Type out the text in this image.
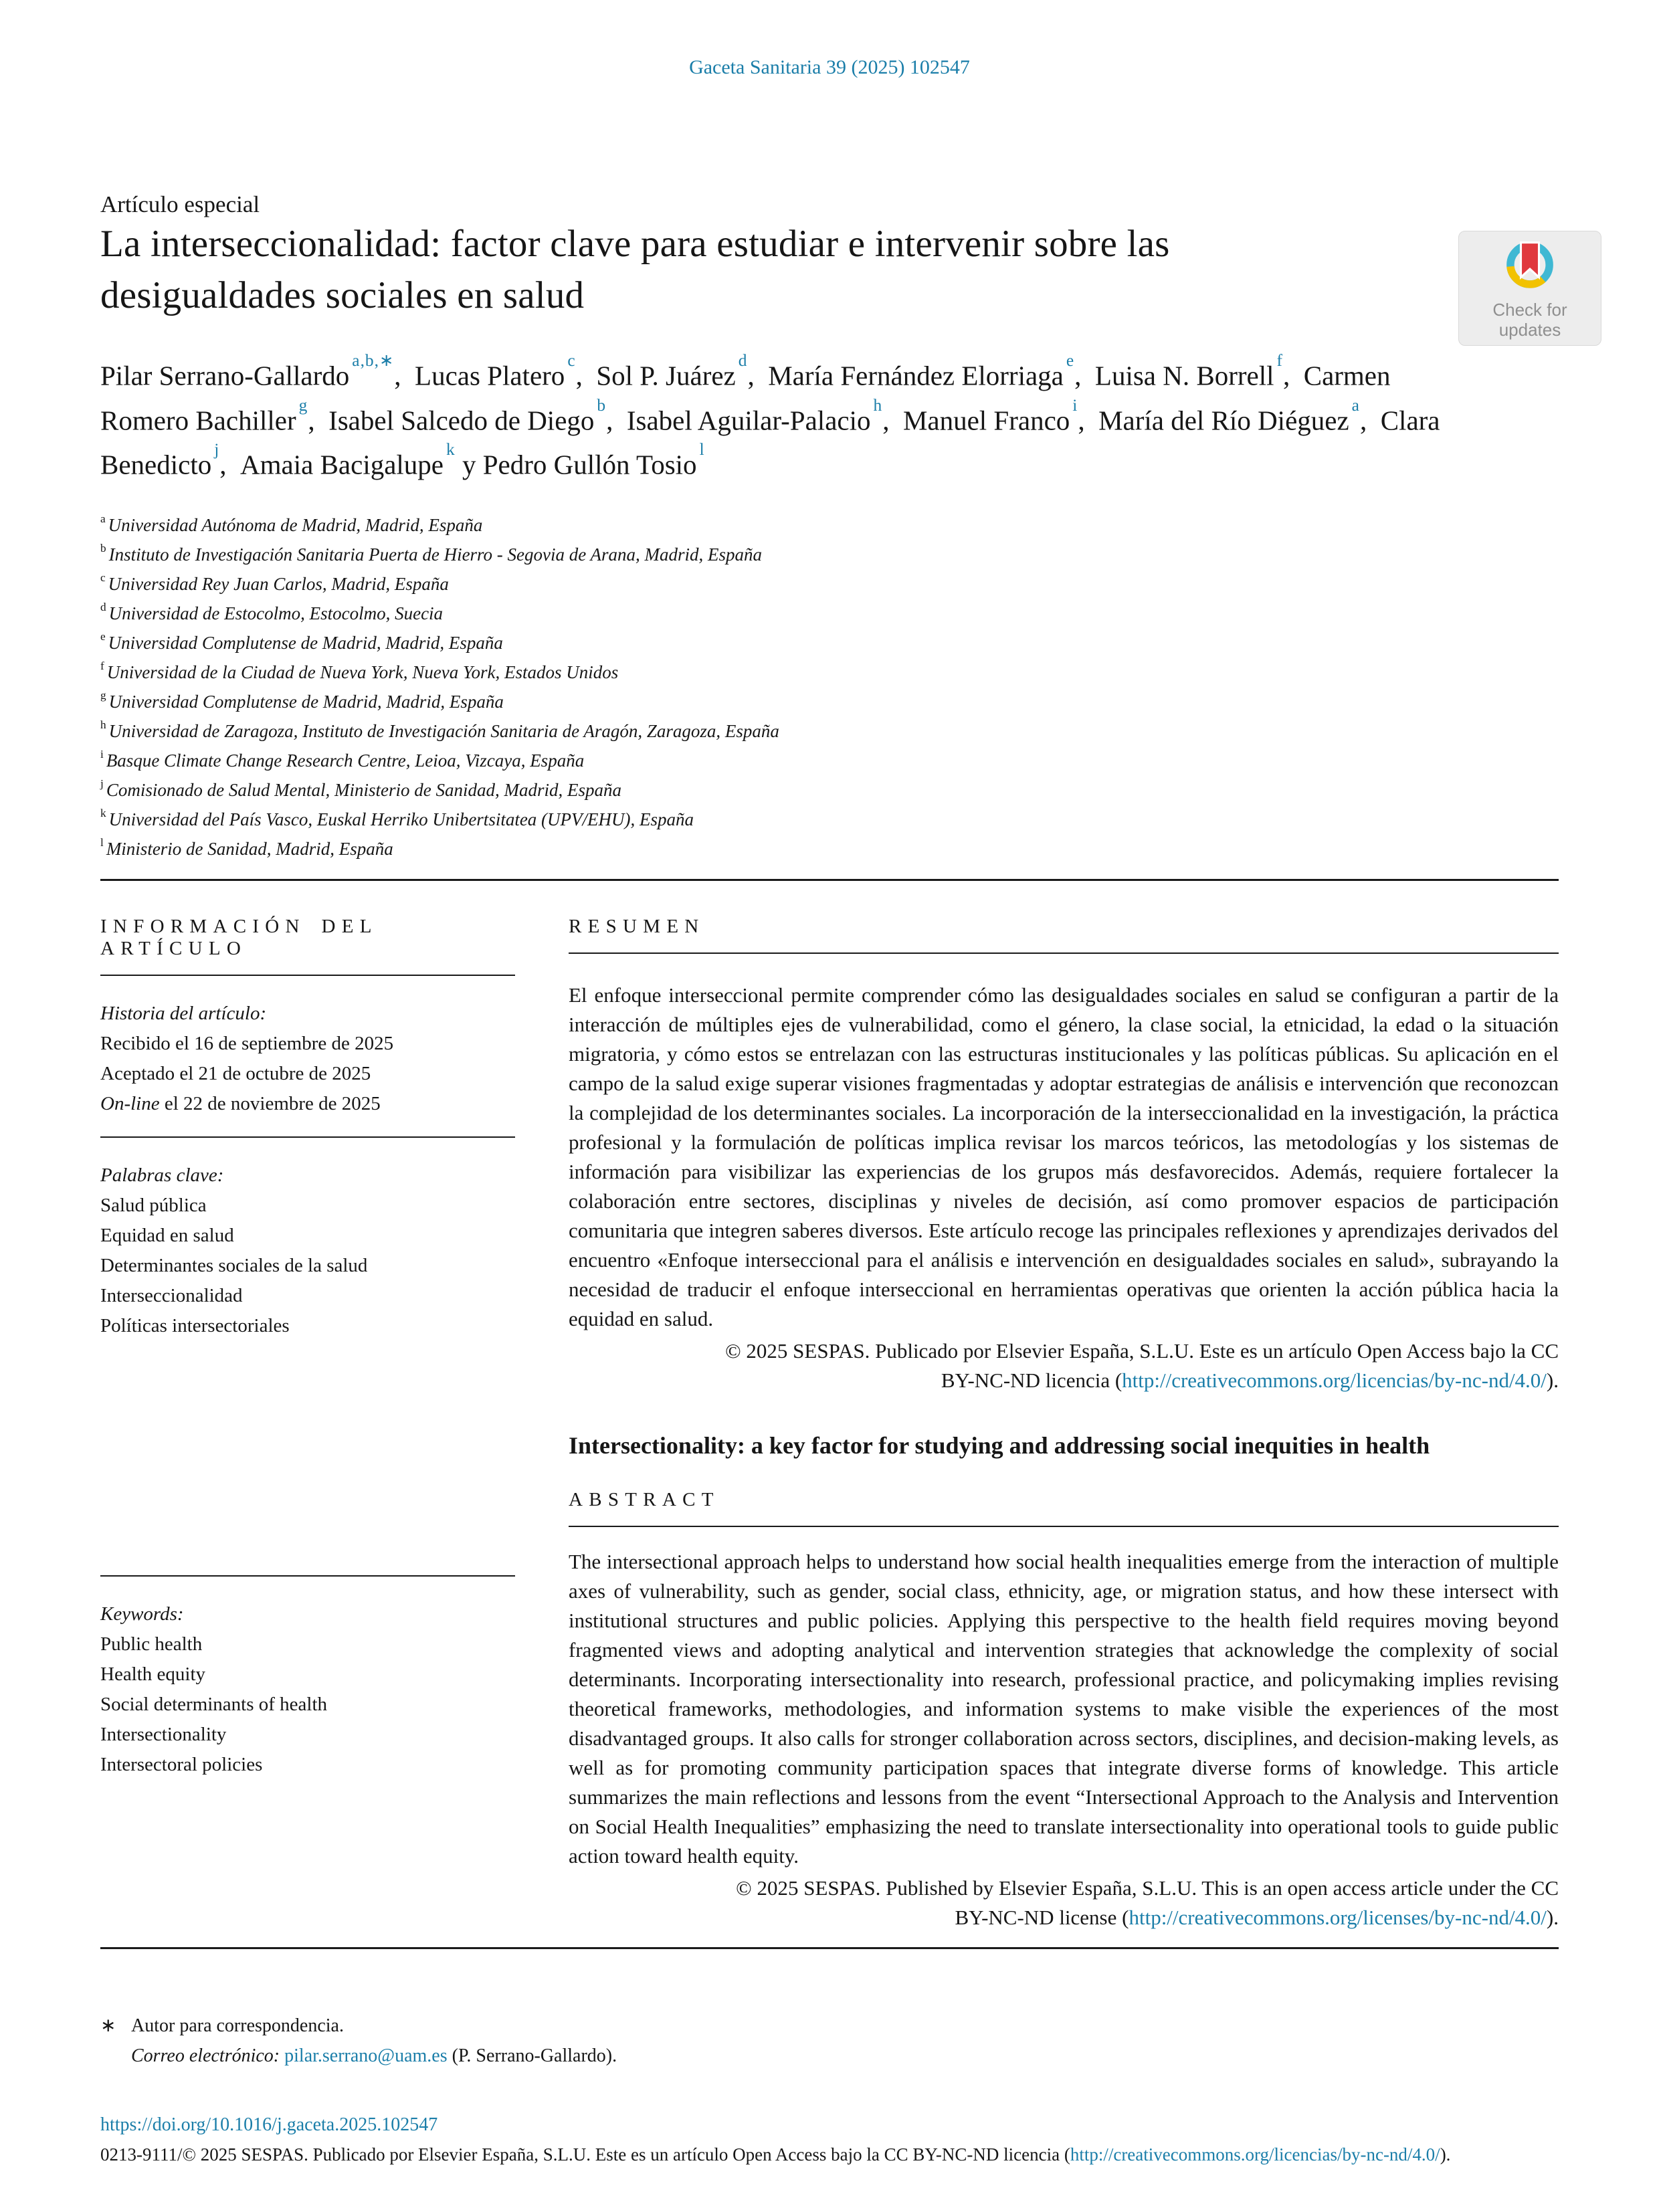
Gaceta Sanitaria 39 (2025) 102547
Check for
updates
Artículo especial
La interseccionalidad: factor clave para estudiar e intervenir sobre las desigualdades sociales en salud
Pilar Serrano-Gallardo $^{a,b,∗}$, Lucas Platero $^c$, Sol P. Juárez $^d$, María Fernández Elorriaga $^e$, Luisa N. Borrell $^f$, Carmen Romero Bachiller $^g$, Isabel Salcedo de Diego $^b$, Isabel Aguilar-Palacio $^h$, Manuel Franco $^i$, María del Río Diéguez $^a$, Clara Benedicto $^j$, Amaia Bacigalupe $^k$ y Pedro Gullón Tosio $^l$
$^a$ Universidad Autónoma de Madrid, Madrid, España
$^b$ Instituto de Investigación Sanitaria Puerta de Hierro - Segovia de Arana, Madrid, España
$^c$ Universidad Rey Juan Carlos, Madrid, España
$^d$ Universidad de Estocolmo, Estocolmo, Suecia
$^e$ Universidad Complutense de Madrid, Madrid, España
$^f$ Universidad de la Ciudad de Nueva York, Nueva York, Estados Unidos
$^g$ Universidad Complutense de Madrid, Madrid, España
$^h$ Universidad de Zaragoza, Instituto de Investigación Sanitaria de Aragón, Zaragoza, España
$^i$ Basque Climate Change Research Centre, Leioa, Vizcaya, España
$^j$ Comisionado de Salud Mental, Ministerio de Sanidad, Madrid, España
$^k$ Universidad del País Vasco, Euskal Herriko Unibertsitatea (UPV/EHU), España
$^l$ Ministerio de Sanidad, Madrid, España
INFORMACIÓN DEL ARTÍCULO
Historia del artículo:
Recibido el 16 de septiembre de 2025
Aceptado el 21 de octubre de 2025
On-line el 22 de noviembre de 2025
Palabras clave:
Salud pública
Equidad en salud
Determinantes sociales de la salud
Interseccionalidad
Políticas intersectoriales
Keywords:
Public health
Health equity
Social determinants of health
Intersectionality
Intersectoral policies
RESUMEN
El enfoque interseccional permite comprender cómo las desigualdades sociales en salud se configuran a partir de la interacción de múltiples ejes de vulnerabilidad, como el género, la clase social, la etnicidad, la edad o la situación migratoria, y cómo estos se entrelazan con las estructuras institucionales y las políticas públicas. Su aplicación en el campo de la salud exige superar visiones fragmentadas y adoptar estrategias de análisis e intervención que reconozcan la complejidad de los determinantes sociales. La incorporación de la interseccionalidad en la investigación, la práctica profesional y la formulación de políticas implica revisar los marcos teóricos, las metodologías y los sistemas de información para visibilizar las experiencias de los grupos más desfavorecidos. Además, requiere fortalecer la colaboración entre sectores, disciplinas y niveles de decisión, así como promover espacios de participación comunitaria que integren saberes diversos. Este artículo recoge las principales reflexiones y aprendizajes derivados del encuentro «Enfoque interseccional para el análisis e intervención en desigualdades sociales en salud», subrayando la necesidad de traducir el enfoque interseccional en herramientas operativas que orienten la acción pública hacia la equidad en salud.
© 2025 SESPAS. Publicado por Elsevier España, S.L.U. Este es un artículo Open Access bajo la CC
BY-NC-ND licencia (http://creativecommons.org/licencias/by-nc-nd/4.0/).
Intersectionality: a key factor for studying and addressing social inequities in health
ABSTRACT
The intersectional approach helps to understand how social health inequalities emerge from the interaction of multiple axes of vulnerability, such as gender, social class, ethnicity, age, or migration status, and how these intersect with institutional structures and public policies. Applying this perspective to the health field requires moving beyond fragmented views and adopting analytical and intervention strategies that acknowledge the complexity of social determinants. Incorporating intersectionality into research, professional practice, and policymaking implies revising theoretical frameworks, methodologies, and information systems to make visible the experiences of the most disadvantaged groups. It also calls for stronger collaboration across sectors, disciplines, and decision-making levels, as well as for promoting community participation spaces that integrate diverse forms of knowledge. This article summarizes the main reflections and lessons from the event “Intersectional Approach to the Analysis and Intervention on Social Health Inequalities” emphasizing the need to translate intersectionality into operational tools to guide public action toward health equity.
© 2025 SESPAS. Published by Elsevier España, S.L.U. This is an open access article under the CC
BY-NC-ND license (http://creativecommons.org/licenses/by-nc-nd/4.0/).
∗ Autor para correspondencia.
Correo electrónico: pilar.serrano@uam.es (P. Serrano-Gallardo).
https://doi.org/10.1016/j.gaceta.2025.102547
0213-9111/© 2025 SESPAS. Publicado por Elsevier España, S.L.U. Este es un artículo Open Access bajo la CC BY-NC-ND licencia (http://creativecommons.org/licencias/by-nc-nd/4.0/).
